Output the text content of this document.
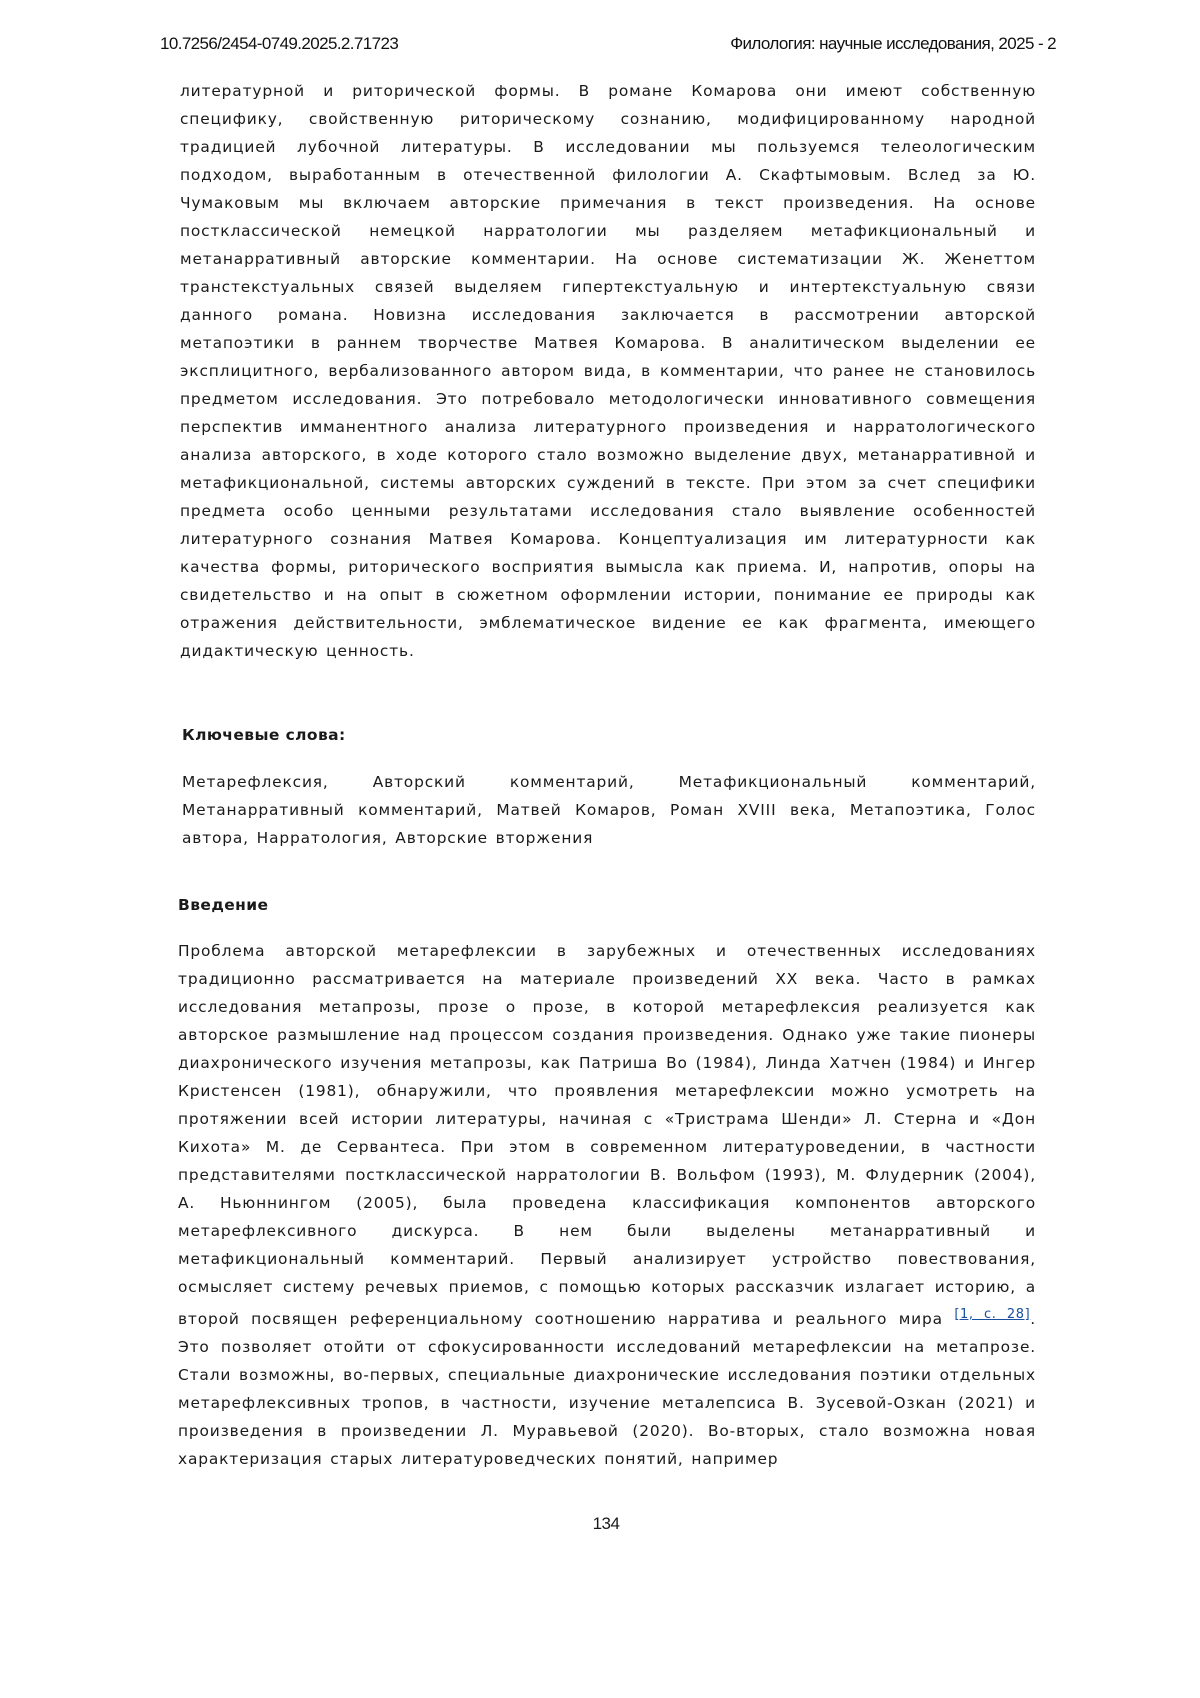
10.7256/2454-0749.2025.2.71723	Филология: научные исследования, 2025 - 2

литературной и риторической формы. В романе Комарова они имеют собственную специфику, свойственную риторическому сознанию, модифицированному народной традицией лубочной литературы. В исследовании мы пользуемся телеологическим подходом, выработанным в отечественной филологии А. Скафтымовым. Вслед за Ю. Чумаковым мы включаем авторские примечания в текст произведения. На основе постклассической немецкой нарратологии мы разделяем метафикциональный и метанарративный авторские комментарии. На основе систематизации Ж. Женеттом транстекстуальных связей выделяем гипертекстуальную и интертекстуальную связи данного романа. Новизна исследования заключается в рассмотрении авторской метапоэтики в раннем творчестве Матвея Комарова. В аналитическом выделении ее эксплицитного, вербализованного автором вида, в комментарии, что ранее не становилось предметом исследования. Это потребовало методологически инновативного совмещения перспектив имманентного анализа литературного произведения и нарратологического анализа авторского, в ходе которого стало возможно выделение двух, метанарративной и метафикциональной, системы авторских суждений в тексте. При этом за счет специфики предмета особо ценными результатами исследования стало выявление особенностей литературного сознания Матвея Комарова. Концептуализация им литературности как качества формы, риторического восприятия вымысла как приема. И, напротив, опоры на свидетельство и на опыт в сюжетном оформлении истории, понимание ее природы как отражения действительности, эмблематическое видение ее как фрагмента, имеющего дидактическую ценность.

Ключевые слова:

Метарефлексия, Авторский комментарий, Метафикциональный комментарий, Метанарративный комментарий, Матвей Комаров, Роман XVIII века, Метапоэтика, Голос автора, Нарратология, Авторские вторжения

Введение

Проблема авторской метарефлексии в зарубежных и отечественных исследованиях традиционно рассматривается на материале произведений XX века. Часто в рамках исследования метапрозы, прозе о прозе, в которой метарефлексия реализуется как авторское размышление над процессом создания произведения. Однако уже такие пионеры диахронического изучения метапрозы, как Патриша Во (1984), Линда Хатчен (1984) и Ингер Кристенсен (1981), обнаружили, что проявления метарефлексии можно усмотреть на протяжении всей истории литературы, начиная с «Тристрама Шенди» Л. Стерна и «Дон Кихота» М. де Сервантеса. При этом в современном литературоведении, в частности представителями постклассической нарратологии В. Вольфом (1993), М. Флудерник (2004), А. Ньюннингом (2005), была проведена классификация компонентов авторского метарефлексивного дискурса. В нем были выделены метанарративный и метафикциональный комментарий. Первый анализирует устройство повествования, осмысляет систему речевых приемов, с помощью которых рассказчик излагает историю, а второй посвящен референциальному соотношению нарратива и реального мира [1, с. 28]. Это позволяет отойти от сфокусированности исследований метарефлексии на метапрозе. Стали возможны, во-первых, специальные диахронические исследования поэтики отдельных метарефлексивных тропов, в частности, изучение металепсиса В. Зусевой-Озкан (2021) и произведения в произведении Л. Муравьевой (2020). Во-вторых, стало возможна новая характеризация старых литературоведческих понятий, например

134
